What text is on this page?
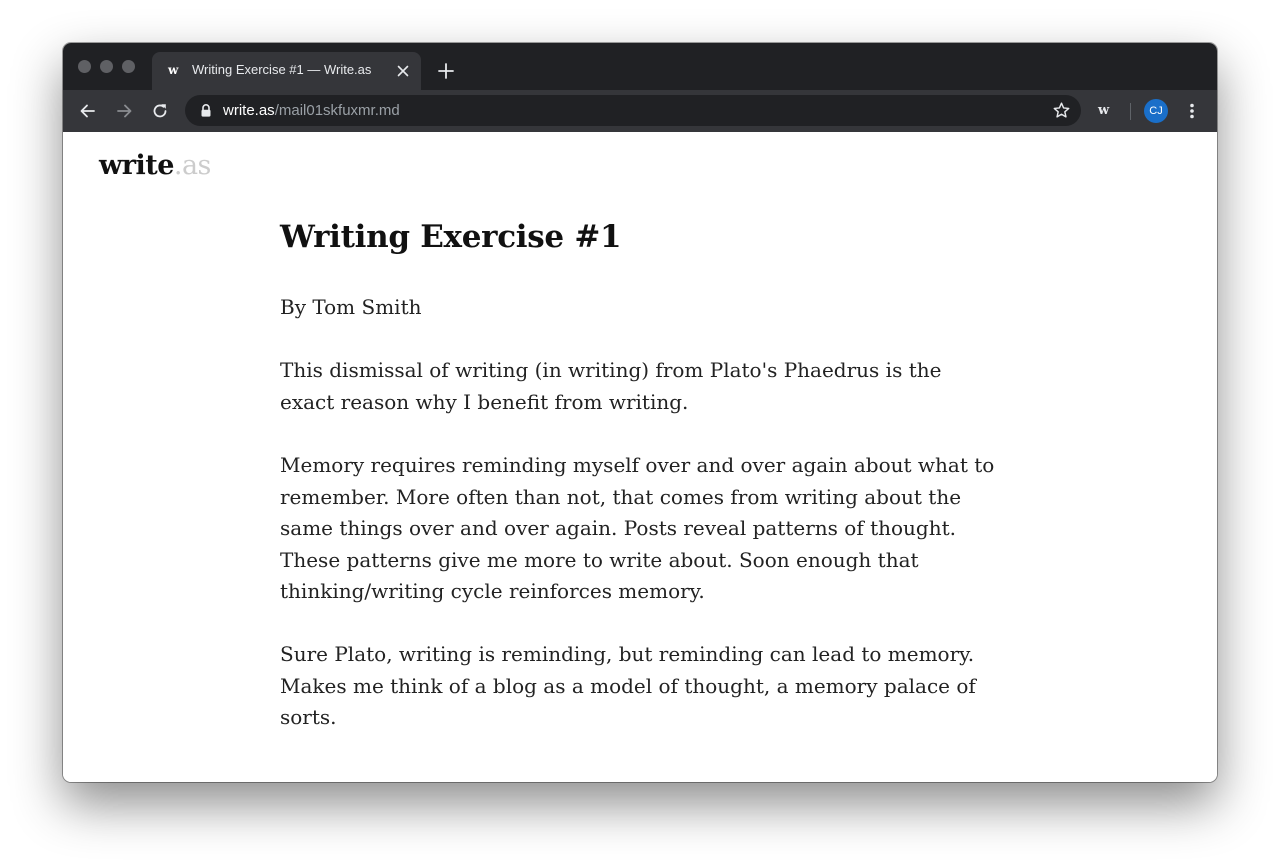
w Writing Exercise #1 — Write.as
write.as/mail01skfuxmr.md	w	CJ
write.as
Writing Exercise #1

By Tom Smith

This dismissal of writing (in writing) from Plato's Phaedrus is the exact reason why I benefit from writing.

Memory requires reminding myself over and over again about what to remember. More often than not, that comes from writing about the same things over and over again. Posts reveal patterns of thought. These patterns give me more to write about. Soon enough that thinking/writing cycle reinforces memory.

Sure Plato, writing is reminding, but reminding can lead to memory. Makes me think of a blog as a model of thought, a memory palace of sorts.
